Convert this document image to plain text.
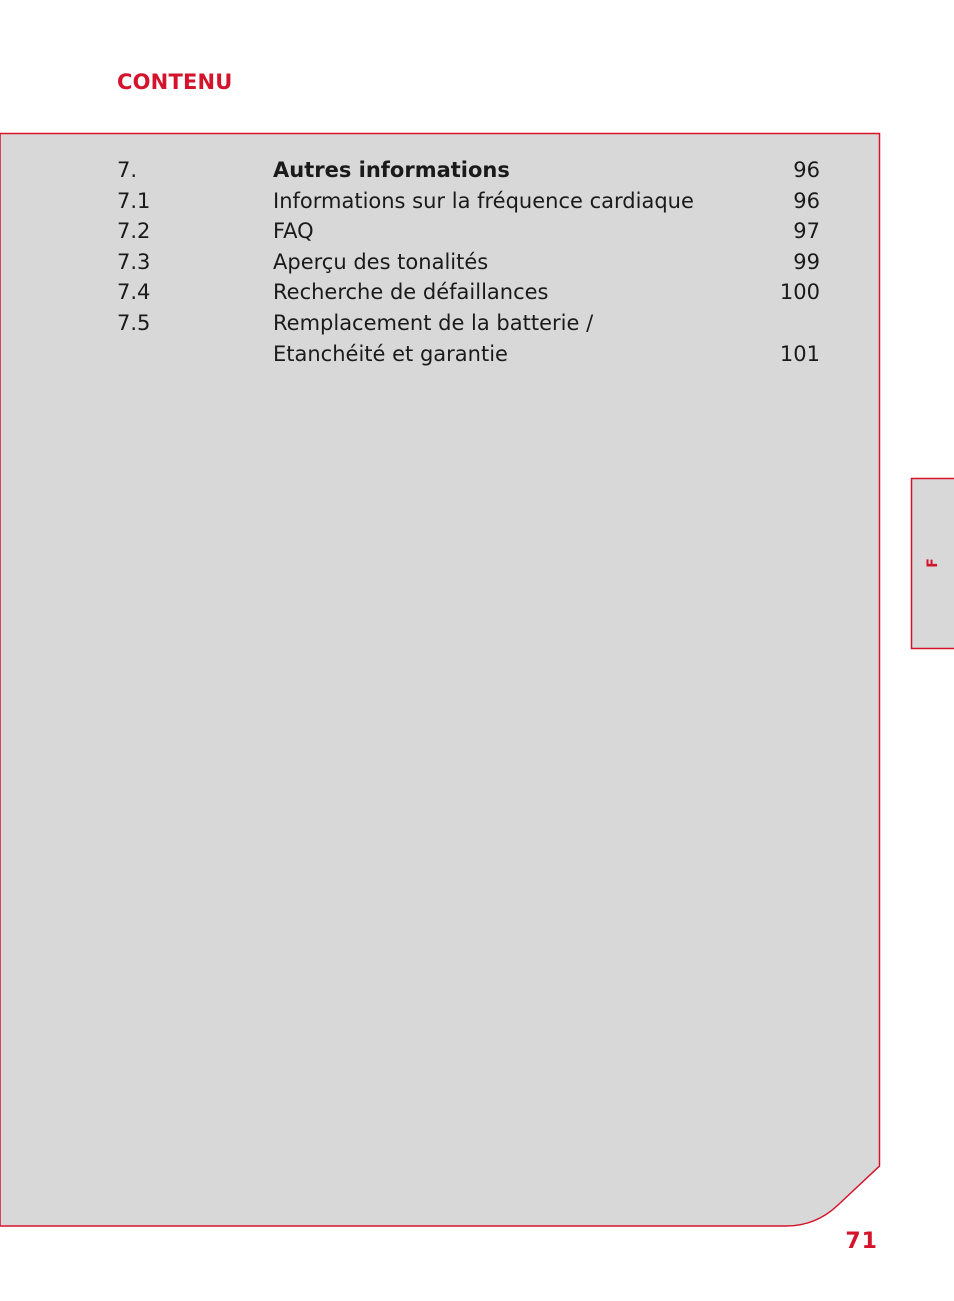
CONTENU
7.	Autres informations	96
7.1	Informations sur la fréquence cardiaque	96
7.2	FAQ	97
7.3	Aperçu des tonalités	99
7.4	Recherche de défaillances	100
7.5	Remplacement de la batterie /
Etanchéité et garantie	101
F
71
